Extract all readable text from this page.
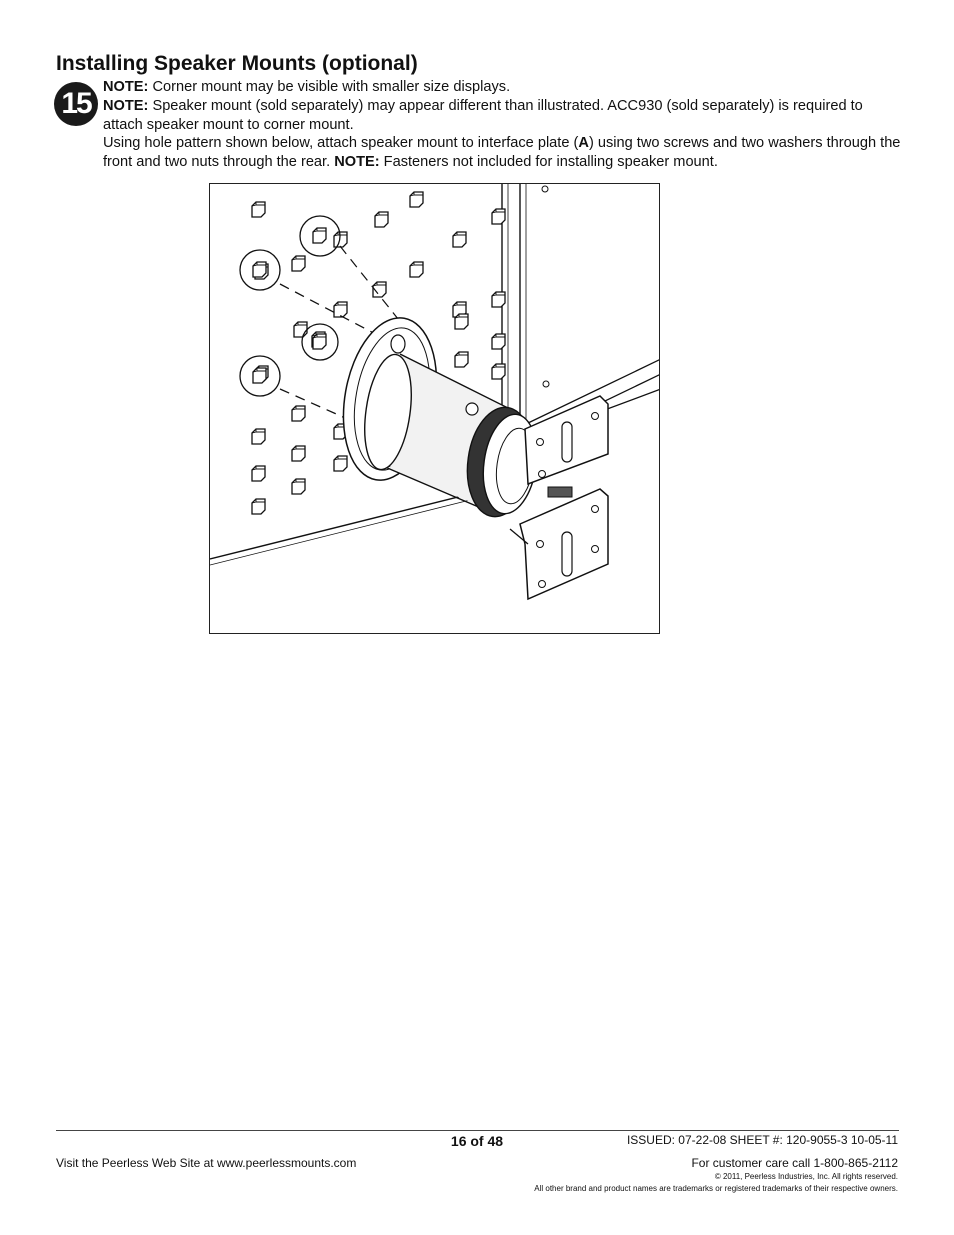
Installing Speaker Mounts (optional)
15 NOTE: Corner mount may be visible with smaller size displays.

NOTE: Speaker mount (sold separately) may appear different than illustrated. ACC930 (sold separately) is required to attach speaker mount to corner mount.

Using hole pattern shown below, attach speaker mount to interface plate (A) using two screws and two washers through the front and two nuts through the rear. NOTE: Fasteners not included for installing speaker mount.

16 of 48	ISSUED: 07-22-08 SHEET #: 120-9055-3 10-05-11
Visit the Peerless Web Site at www.peerlessmounts.com	For customer care call 1-800-865-2112
© 2011, Peerless Industries, Inc. All rights reserved.
All other brand and product names are trademarks or registered trademarks of their respective owners.
